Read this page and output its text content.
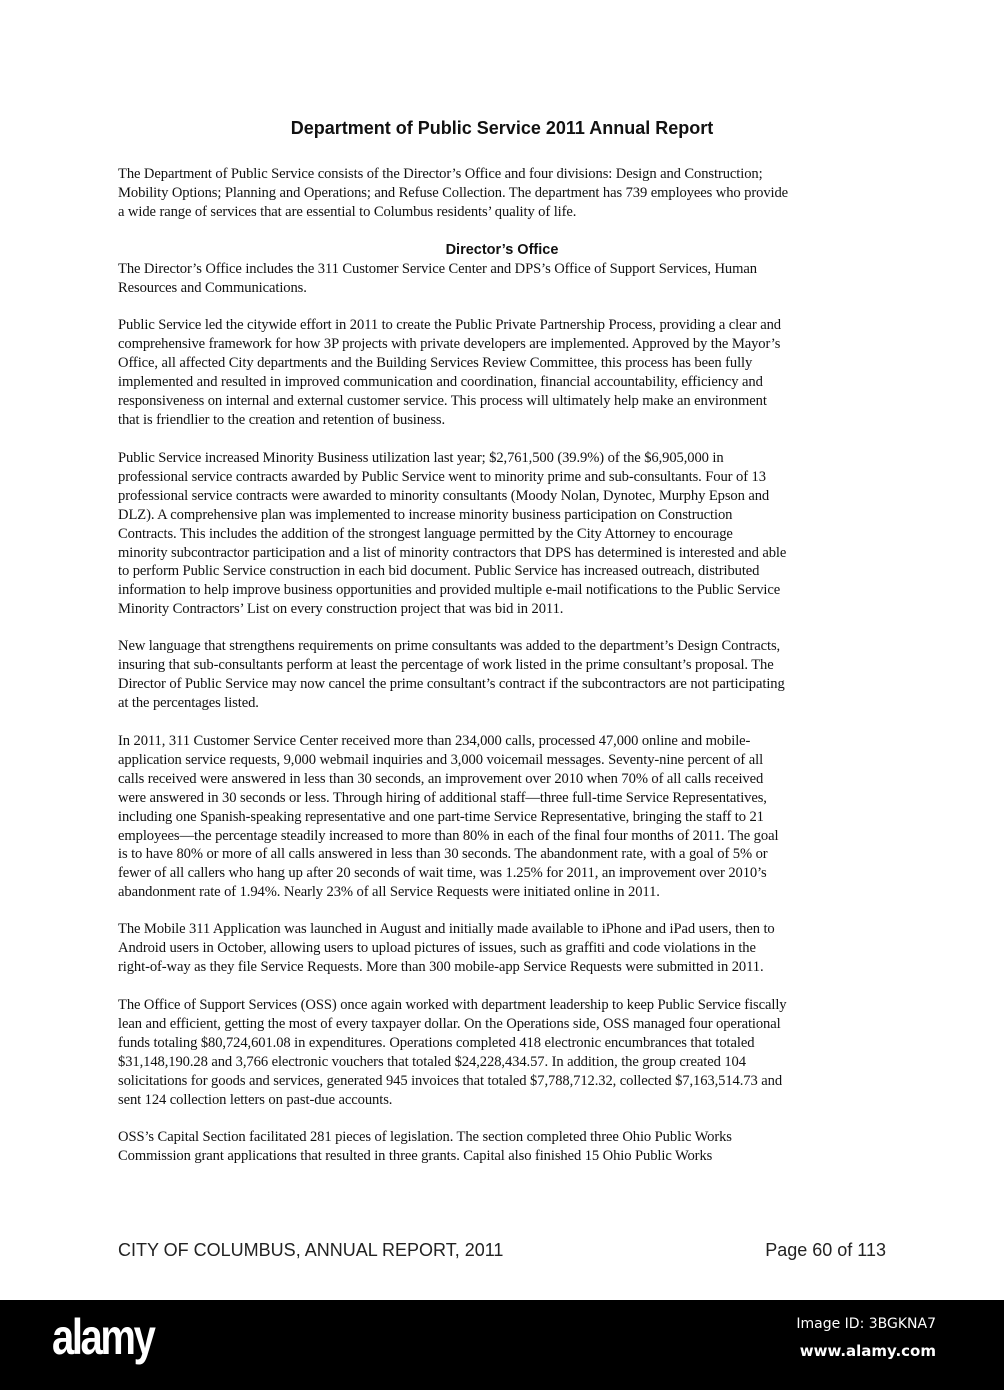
Department of Public Service 2011 Annual Report
Director’s Office
The Department of Public Service consists of the Director’s Office and four divisions: Design and Construction;
Mobility Options; Planning and Operations; and Refuse Collection. The department has 739 employees who provide
a wide range of services that are essential to Columbus residents’ quality of life.
The Director’s Office includes the 311 Customer Service Center and DPS’s Office of Support Services, Human
Resources and Communications.
Public Service led the citywide effort in 2011 to create the Public Private Partnership Process, providing a clear and
comprehensive framework for how 3P projects with private developers are implemented. Approved by the Mayor’s
Office, all affected City departments and the Building Services Review Committee, this process has been fully
implemented and resulted in improved communication and coordination, financial accountability, efficiency and
responsiveness on internal and external customer service. This process will ultimately help make an environment
that is friendlier to the creation and retention of business.
Public Service increased Minority Business utilization last year; $2,761,500 (39.9%) of the $6,905,000 in
professional service contracts awarded by Public Service went to minority prime and sub-consultants. Four of 13
professional service contracts were awarded to minority consultants (Moody Nolan, Dynotec, Murphy Epson and
DLZ). A comprehensive plan was implemented to increase minority business participation on Construction
Contracts. This includes the addition of the strongest language permitted by the City Attorney to encourage
minority subcontractor participation and a list of minority contractors that DPS has determined is interested and able
to perform Public Service construction in each bid document. Public Service has increased outreach, distributed
information to help improve business opportunities and provided multiple e-mail notifications to the Public Service
Minority Contractors’ List on every construction project that was bid in 2011.
New language that strengthens requirements on prime consultants was added to the department’s Design Contracts,
insuring that sub-consultants perform at least the percentage of work listed in the prime consultant’s proposal. The
Director of Public Service may now cancel the prime consultant’s contract if the subcontractors are not participating
at the percentages listed.
In 2011, 311 Customer Service Center received more than 234,000 calls, processed 47,000 online and mobile-
application service requests, 9,000 webmail inquiries and 3,000 voicemail messages. Seventy-nine percent of all
calls received were answered in less than 30 seconds, an improvement over 2010 when 70% of all calls received
were answered in 30 seconds or less. Through hiring of additional staff—three full-time Service Representatives,
including one Spanish-speaking representative and one part-time Service Representative, bringing the staff to 21
employees—the percentage steadily increased to more than 80% in each of the final four months of 2011. The goal
is to have 80% or more of all calls answered in less than 30 seconds. The abandonment rate, with a goal of 5% or
fewer of all callers who hang up after 20 seconds of wait time, was 1.25% for 2011, an improvement over 2010’s
abandonment rate of 1.94%. Nearly 23% of all Service Requests were initiated online in 2011.
The Mobile 311 Application was launched in August and initially made available to iPhone and iPad users, then to
Android users in October, allowing users to upload pictures of issues, such as graffiti and code violations in the
right-of-way as they file Service Requests. More than 300 mobile-app Service Requests were submitted in 2011.
The Office of Support Services (OSS) once again worked with department leadership to keep Public Service fiscally
lean and efficient, getting the most of every taxpayer dollar. On the Operations side, OSS managed four operational
funds totaling $80,724,601.08 in expenditures. Operations completed 418 electronic encumbrances that totaled
$31,148,190.28 and 3,766 electronic vouchers that totaled $24,228,434.57. In addition, the group created 104
solicitations for goods and services, generated 945 invoices that totaled $7,788,712.32, collected $7,163,514.73 and
sent 124 collection letters on past-due accounts.
OSS’s Capital Section facilitated 281 pieces of legislation. The section completed three Ohio Public Works
Commission grant applications that resulted in three grants. Capital also finished 15 Ohio Public Works
CITY OF COLUMBUS, ANNUAL REPORT, 2011	Page 60 of 113
alamy	Image ID: 3BGKNA7
www.alamy.com
